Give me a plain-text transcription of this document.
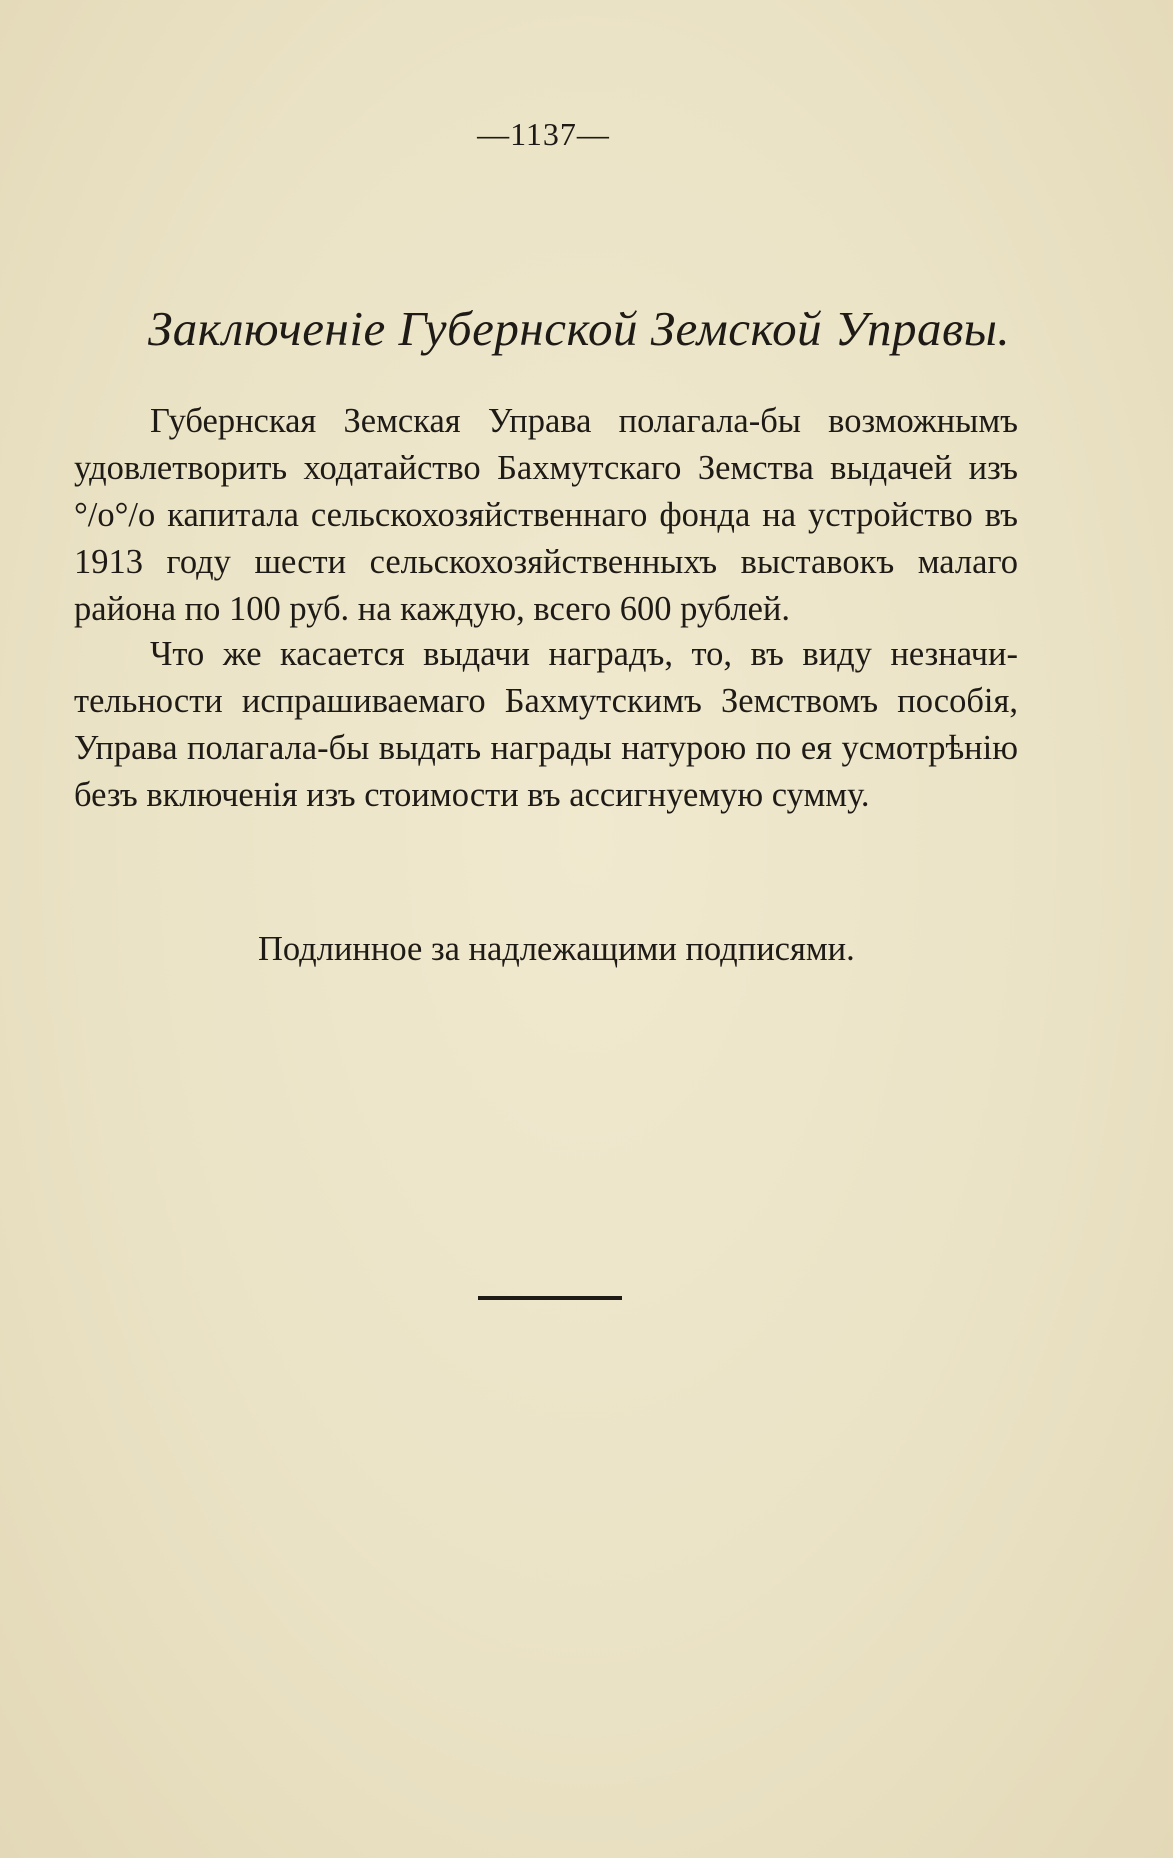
—1137—
Заключенiе Губернской Земской Управы.

Губернская Земская Управа полагала-бы возможнымъ удовлетворить ходатайство Бахмутскаго Земства выдачей изъ °/o°/o капитала сельскохозяйственнаго фонда на устройство въ 1913 году шести сельскохозяйственныхъ выставокъ малаго района по 100 руб. на каждую, всего 600 рублей.

Что же касается выдачи наградъ, то, въ виду незначительности испрашиваемаго Бахмутскимъ Земствомъ пособiя, Управа полагала-бы выдать награды натурою по ея усмотрѣнiю безъ включенiя изъ стоимости въ ассигнуемую сумму.

Подлинное за надлежащими подписями.
